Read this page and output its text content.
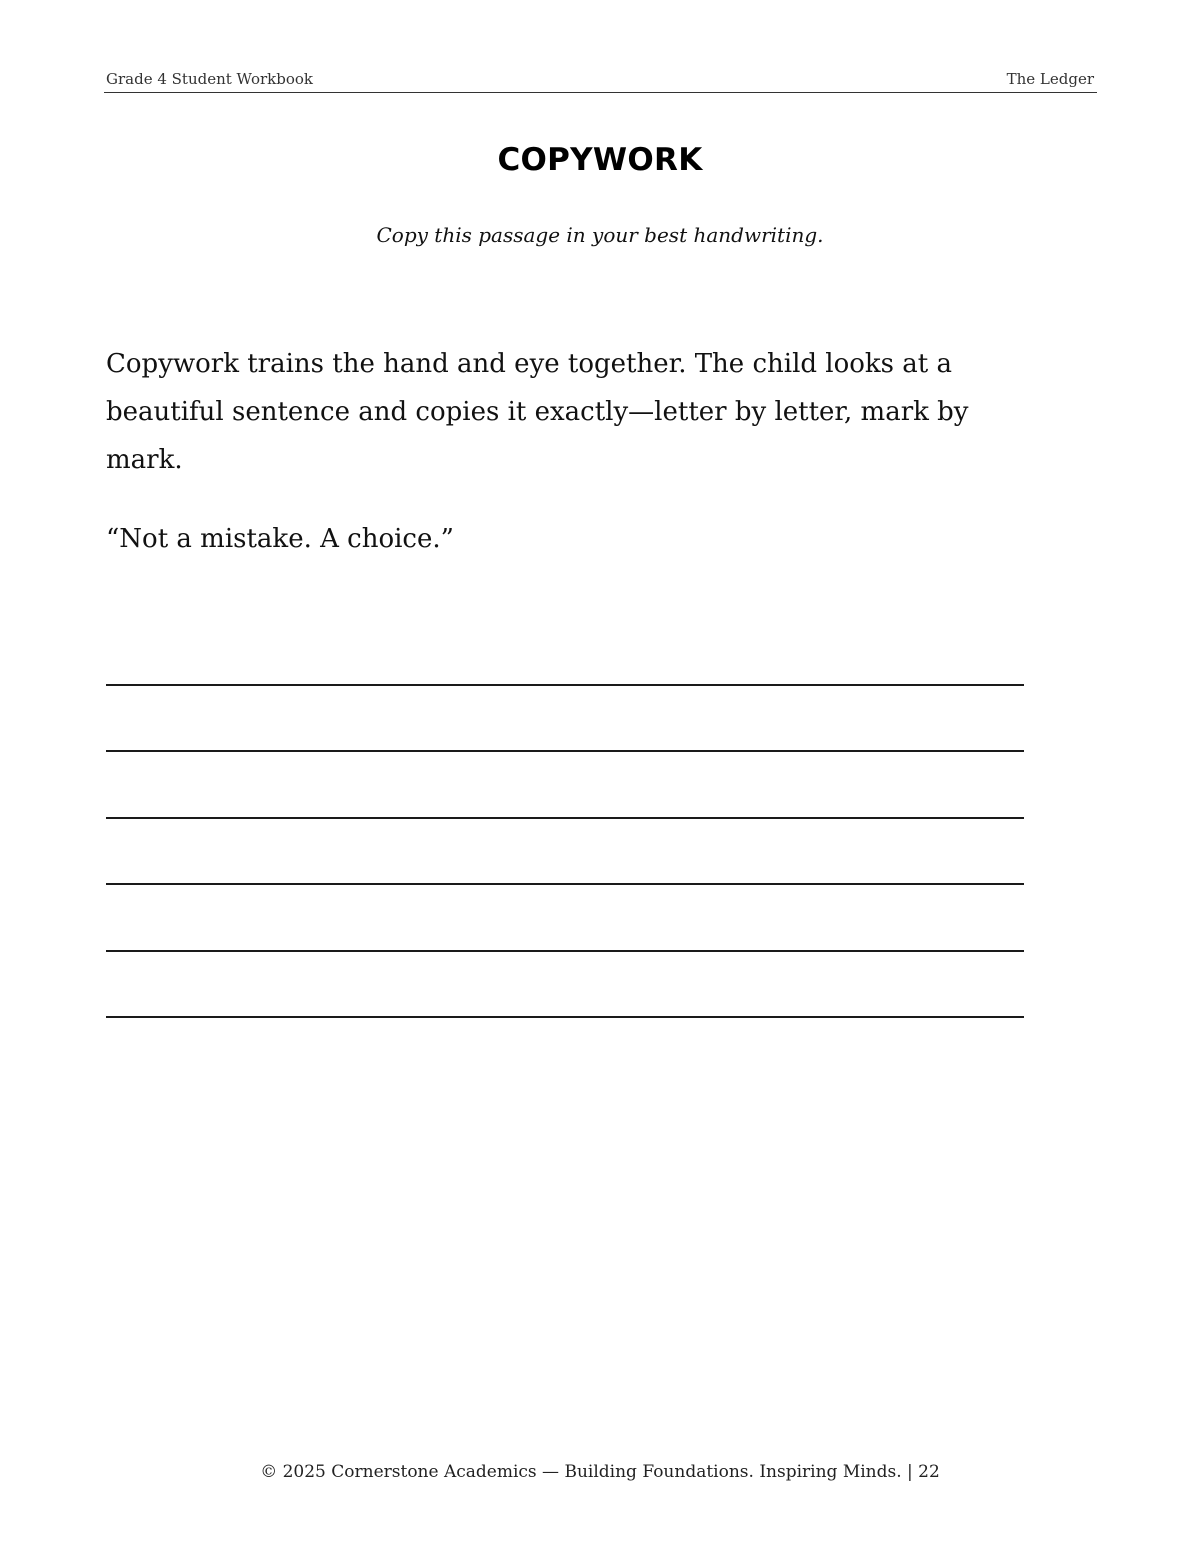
Grade 4 Student Workbook	The Ledger
COPYWORK
Copy this passage in your best handwriting.

Copywork trains the hand and eye together. The child looks at a beautiful sentence and copies it exactly—letter by letter, mark by mark.

“Not a mistake. A choice.”

© 2025 Cornerstone Academics — Building Foundations. Inspiring Minds. | 22
